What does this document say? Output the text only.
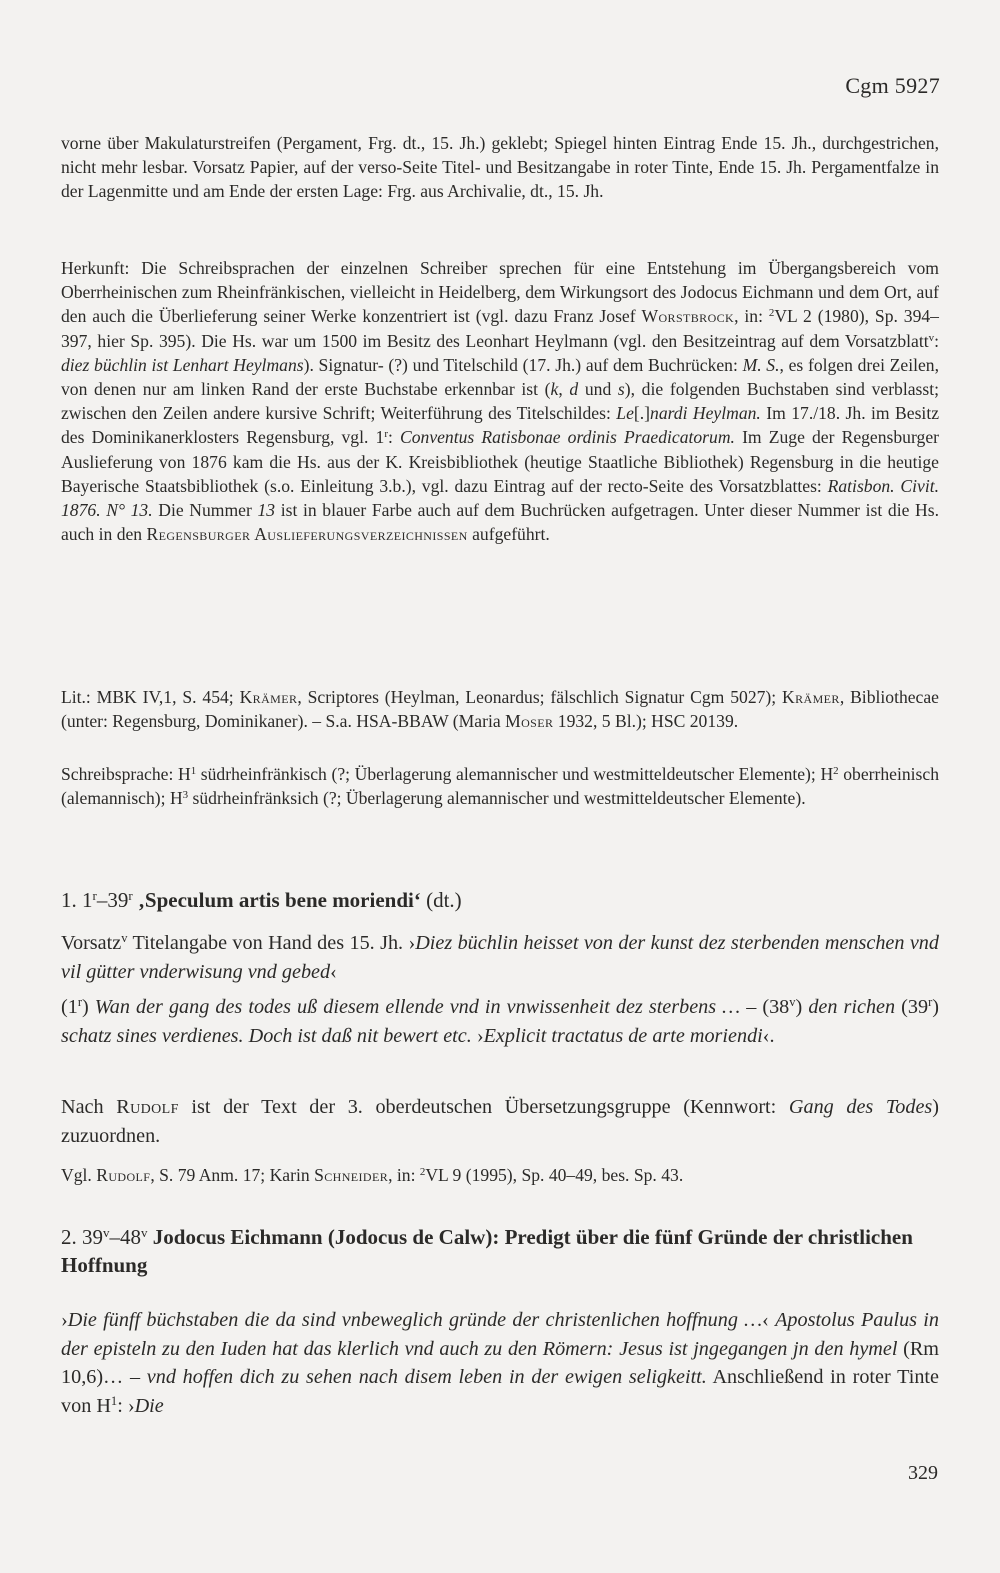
Cgm 5927
vorne über Makulaturstreifen (Pergament, Frg. dt., 15. Jh.) geklebt; Spiegel hinten Eintrag Ende 15. Jh., durchgestrichen, nicht mehr lesbar. Vorsatz Papier, auf der verso-Seite Titel- und Besitzangabe in roter Tinte, Ende 15. Jh. Pergamentfalze in der Lagenmitte und am Ende der ersten Lage: Frg. aus Archivalie, dt., 15. Jh.
Herkunft: Die Schreibsprachen der einzelnen Schreiber sprechen für eine Entstehung im Übergangsbereich vom Oberrheinischen zum Rheinfränkischen, vielleicht in Heidelberg, dem Wirkungsort des Jodocus Eichmann und dem Ort, auf den auch die Überlieferung seiner Werke konzentriert ist (vgl. dazu Franz Josef Worstbrock, in: $^2$VL 2 (1980), Sp. 394–397, hier Sp. 395). Die Hs. war um 1500 im Besitz des Leonhart Heylmann (vgl. den Besitzeintrag auf dem Vorsatzblatt$^v$: diez büchlin ist Lenhart Heylmans). Signatur- (?) und Titelschild (17. Jh.) auf dem Buchrücken: M. S., es folgen drei Zeilen, von denen nur am linken Rand der erste Buchstabe erkennbar ist (k, d und s), die folgenden Buchstaben sind verblasst; zwischen den Zeilen andere kursive Schrift; Weiterführung des Titelschildes: Le[.]nardi Heylman. Im 17./18. Jh. im Besitz des Dominikanerklosters Regensburg, vgl. 1$^r$: Conventus Ratisbonae ordinis Praedicatorum. Im Zuge der Regensburger Auslieferung von 1876 kam die Hs. aus der K. Kreisbibliothek (heutige Staatliche Bibliothek) Regensburg in die heutige Bayerische Staatsbibliothek (s.o. Einleitung 3.b.), vgl. dazu Eintrag auf der recto-Seite des Vorsatzblattes: Ratisbon. Civit. 1876. N° 13. Die Nummer 13 ist in blauer Farbe auch auf dem Buchrücken aufgetragen. Unter dieser Nummer ist die Hs. auch in den Regensburger Auslieferungsverzeichnissen aufgeführt.
Lit.: MBK IV,1, S. 454; Krämer, Scriptores (Heylman, Leonardus; fälschlich Signatur Cgm 5027); Krämer, Bibliothecae (unter: Regensburg, Dominikaner). – S.a. HSA-BBAW (Maria Moser 1932, 5 Bl.); HSC 20139.
Schreibsprache: $H^1$ südrheinfränkisch (?; Überlagerung alemannischer und westmitteldeutscher Elemente); $H^2$ oberrheinisch (alemannisch); $H^3$ südrheinfränksich (?; Überlagerung alemannischer und westmitteldeutscher Elemente).
1. 1$^r$–39$^r$ ‚Speculum artis bene moriendi‘ (dt.)
Vorsatz$^v$ Titelangabe von Hand des 15. Jh. ›Diez büchlin heisset von der kunst dez sterbenden menschen vnd vil gütter vnderwisung vnd gebed‹
(1$^r$) Wan der gang des todes uß diesem ellende vnd in vnwissenheit dez sterbens … – (38$^v$) den richen (39$^r$) schatz sines verdienes. Doch ist daß nit bewert etc. ›Explicit tractatus de arte moriendi‹.
Nach Rudolf ist der Text der 3. oberdeutschen Übersetzungsgruppe (Kennwort: Gang des Todes) zuzuordnen.
Vgl. Rudolf, S. 79 Anm. 17; Karin Schneider, in: $^2$VL 9 (1995), Sp. 40–49, bes. Sp. 43.
2. 39$^v$–48$^v$ Jodocus Eichmann (Jodocus de Calw): Predigt über die fünf Gründe der christlichen Hoffnung
›Die fünff büchstaben die da sind vnbeweglich gründe der christenlichen hoffnung …‹ Apostolus Paulus in der episteln zu den Iuden hat das klerlich vnd auch zu den Römern: Jesus ist jngegangen jn den hymel (Rm 10,6)… – vnd hoffen dich zu sehen nach disem leben in der ewigen seligkeitt. Anschließend in roter Tinte von $H^1$: ›Die
329
